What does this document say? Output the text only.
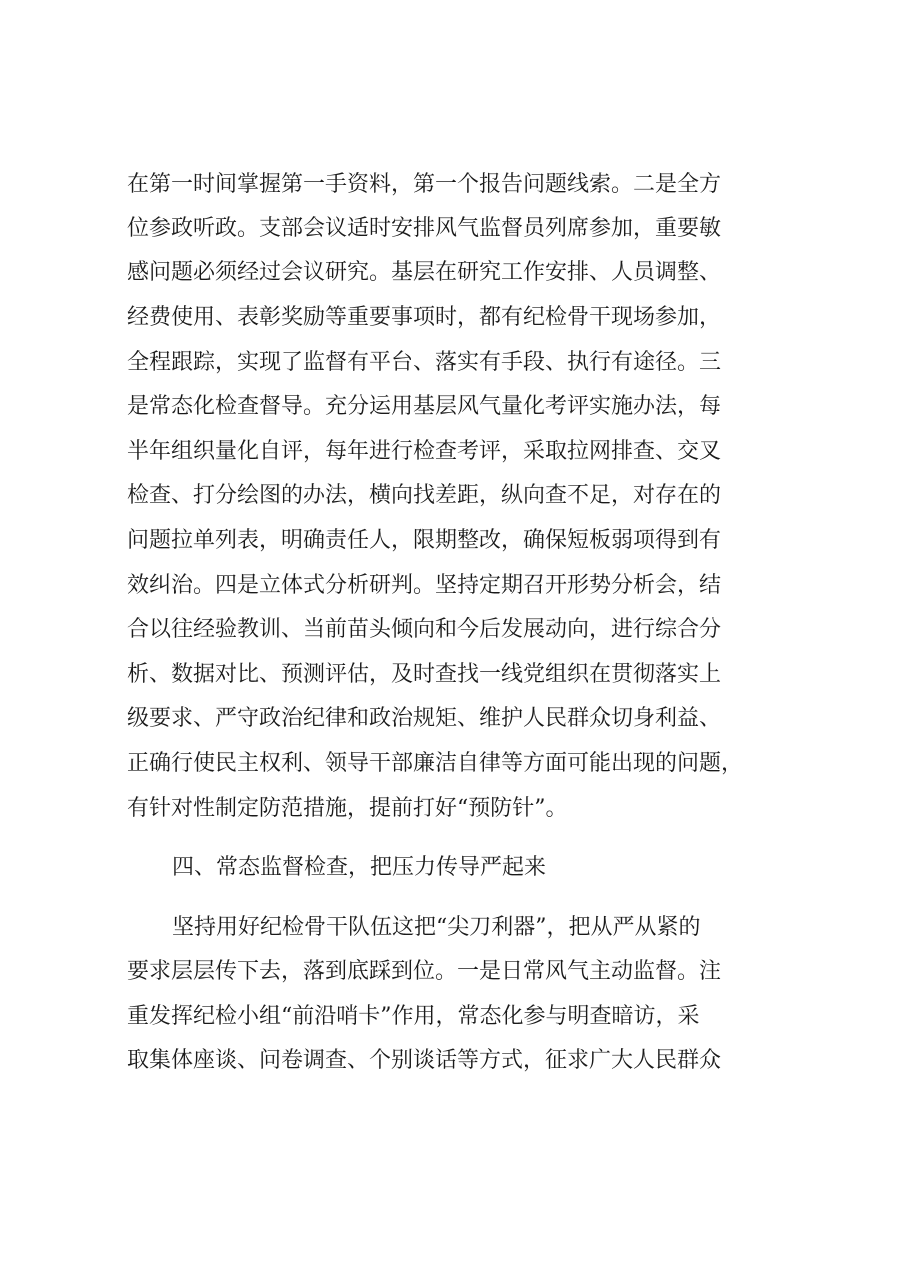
在第一时间掌握第一手资料，第一个报告问题线索。二是全方
位参政听政。支部会议适时安排风气监督员列席参加，重要敏
感问题必须经过会议研究。基层在研究工作安排、人员调整、
经费使用、表彰奖励等重要事项时，都有纪检骨干现场参加，
全程跟踪，实现了监督有平台、落实有手段、执行有途径。三
是常态化检查督导。充分运用基层风气量化考评实施办法，每
半年组织量化自评，每年进行检查考评，采取拉网排查、交叉
检查、打分绘图的办法，横向找差距，纵向查不足，对存在的
问题拉单列表，明确责任人，限期整改，确保短板弱项得到有
效纠治。四是立体式分析研判。坚持定期召开形势分析会，结
合以往经验教训、当前苗头倾向和今后发展动向，进行综合分
析、数据对比、预测评估，及时查找一线党组织在贯彻落实上
级要求、严守政治纪律和政治规矩、维护人民群众切身利益、
正确行使民主权利、领导干部廉洁自律等方面可能出现的问题，
有针对性制定防范措施，提前打好“预防针”。
四、常态监督检查，把压力传导严起来
坚持用好纪检骨干队伍这把“尖刀利器”，把从严从紧的
要求层层传下去，落到底踩到位。一是日常风气主动监督。注
重发挥纪检小组“前沿哨卡”作用，常态化参与明查暗访，采
取集体座谈、问卷调查、个别谈话等方式，征求广大人民群众
